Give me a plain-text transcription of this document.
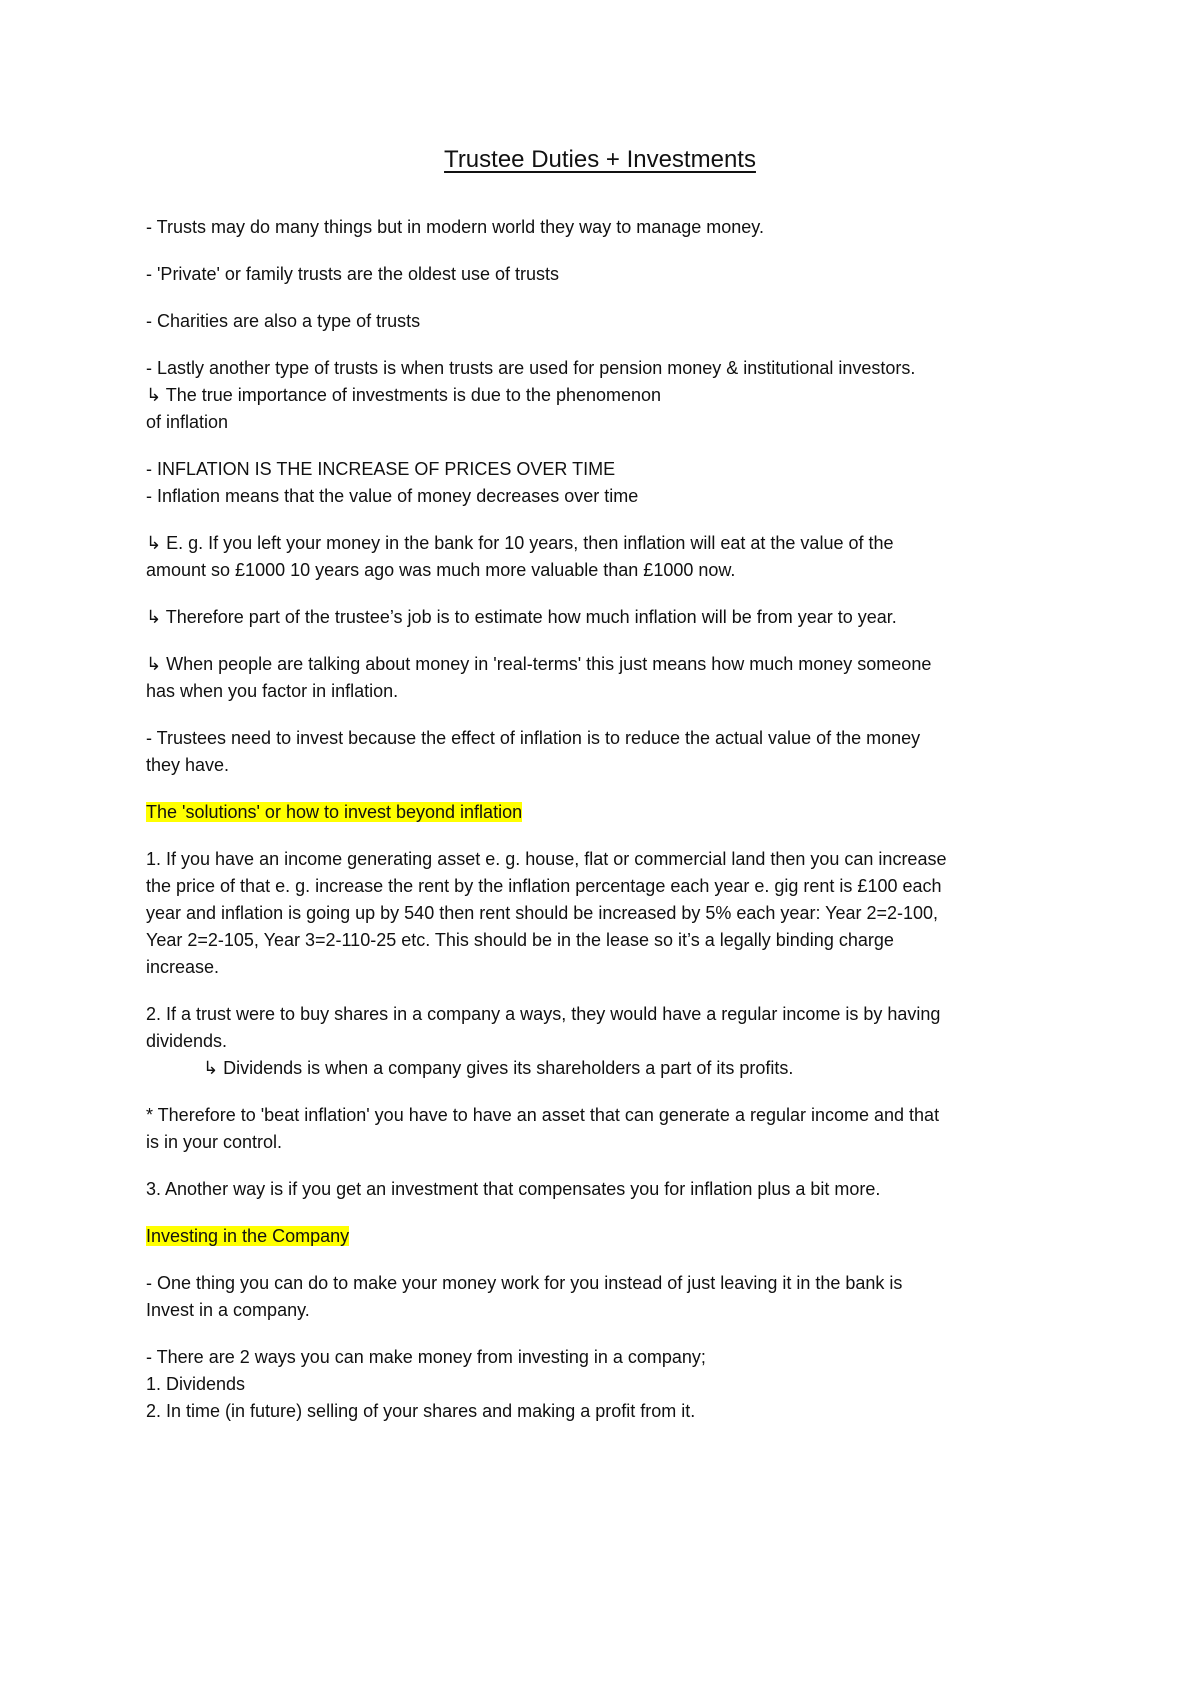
Trustee Duties + Investments

- Trusts may do many things but in modern world they way to manage money.

- 'Private' or family trusts are the oldest use of trusts

- Charities are also a type of trusts

- Lastly another type of trusts is when trusts are used for pension money & institutional investors.

↳ The true importance of investments is due to the phenomenon

of inflation

- INFLATION IS THE INCREASE OF PRICES OVER TIME

- Inflation means that the value of money decreases over time

↳ E. g. If you left your money in the bank for 10 years, then inflation will eat at the value of the

amount so £1000 10 years ago was much more valuable than £1000 now.

↳ Therefore part of the trustee’s job is to estimate how much inflation will be from year to year.

↳ When people are talking about money in 'real-terms' this just means how much money someone

has when you factor in inflation.

- Trustees need to invest because the effect of inflation is to reduce the actual value of the money

they have.

The 'solutions' or how to invest beyond inflation

1. If you have an income generating asset e. g. house, flat or commercial land then you can increase

the price of that e. g. increase the rent by the inflation percentage each year e. gig rent is £100 each

year and inflation is going up by 540 then rent should be increased by 5% each year: Year 2=2-100,

Year 2=2-105, Year 3=2-110-25 etc. This should be in the lease so it’s a legally binding charge

increase.

2. If a trust were to buy shares in a company a ways, they would have a regular income is by having

dividends.

↳ Dividends is when a company gives its shareholders a part of its profits.

* Therefore to 'beat inflation' you have to have an asset that can generate a regular income and that

is in your control.

3. Another way is if you get an investment that compensates you for inflation plus a bit more.

Investing in the Company

- One thing you can do to make your money work for you instead of just leaving it in the bank is

Invest in a company.

- There are 2 ways you can make money from investing in a company;

1. Dividends

2. In time (in future) selling of your shares and making a profit from it.
